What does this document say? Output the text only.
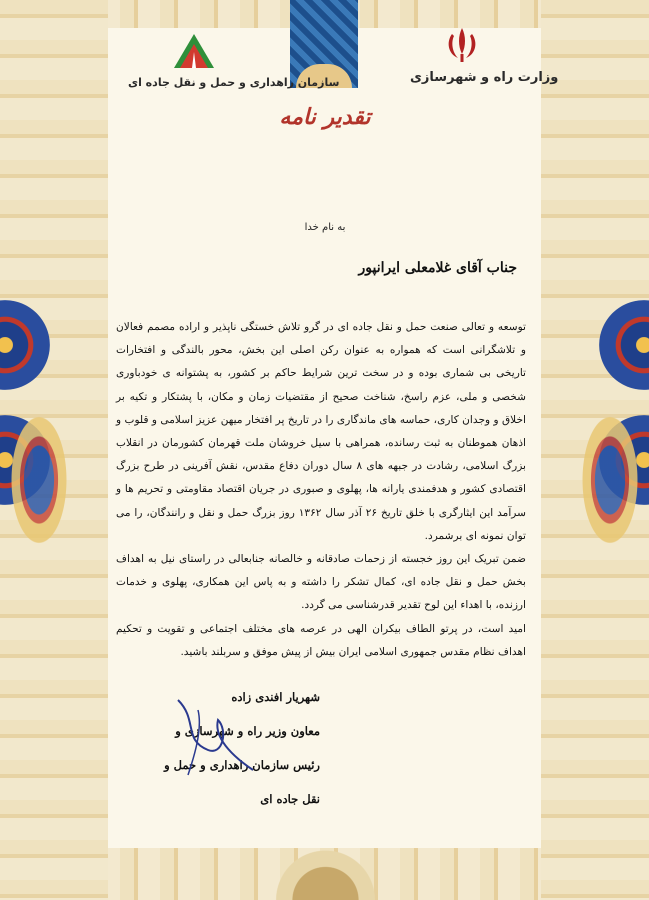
وزارت راه و شهرسازی
سازمان راهداری و حمل و نقل جاده ای
تقدیر نامه
به نام خدا
جناب آقای غلامعلی ایرانپور

توسعه و تعالی صنعت حمل و نقل جاده ای در گرو تلاش خستگی ناپذیر و اراده مصمم فعالان و تلاشگرانی است که همواره به عنوان رکن اصلی این بخش، محور بالندگی و افتخارات تاریخی بی شماری بوده و در سخت ترین شرایط حاکم بر کشور، به پشتوانه ی خودباوری شخصی و ملی، عزم راسخ، شناخت صحیح از مقتضیات زمان و مکان، با پشتکار و تکیه بر اخلاق و وجدان کاری، حماسه های ماندگاری را در تاریخ پر افتخار میهن عزیز اسلامی و قلوب و اذهان هموطنان به ثبت رسانده، همراهی با سیل خروشان ملت قهرمان کشورمان در انقلاب بزرگ اسلامی، رشادت در جبهه های ۸ سال دوران دفاع مقدس، نقش آفرینی در طرح بزرگ اقتصادی کشور و هدفمندی یارانه ها، پهلوی و صبوری در جریان اقتصاد مقاومتی و تحریم ها و سرآمد این ایثارگری با خلق تاریخ ۲۶ آذر سال ۱۳۶۲ روز بزرگ حمل و نقل و رانندگان، را می توان نمونه ای برشمرد.

ضمن تبریک این روز خجسته از زحمات صادقانه و خالصانه جنابعالی در راستای نیل به اهداف بخش حمل و نقل جاده ای، کمال تشکر را داشته و به پاس این همکاری، پهلوی و خدمات ارزنده، با اهداء این لوح تقدیر قدرشناسی می گردد.

امید است، در پرتو الطاف بیکران الهی در عرصه های مختلف اجتماعی و تقویت و تحکیم اهداف نظام مقدس جمهوری اسلامی ایران بیش از پیش موفق و سربلند باشید.

شهریار افندی زاده
معاون وزیر راه و شهرسازی و
رئیس سازمان راهداری و حمل و نقل جاده ای
